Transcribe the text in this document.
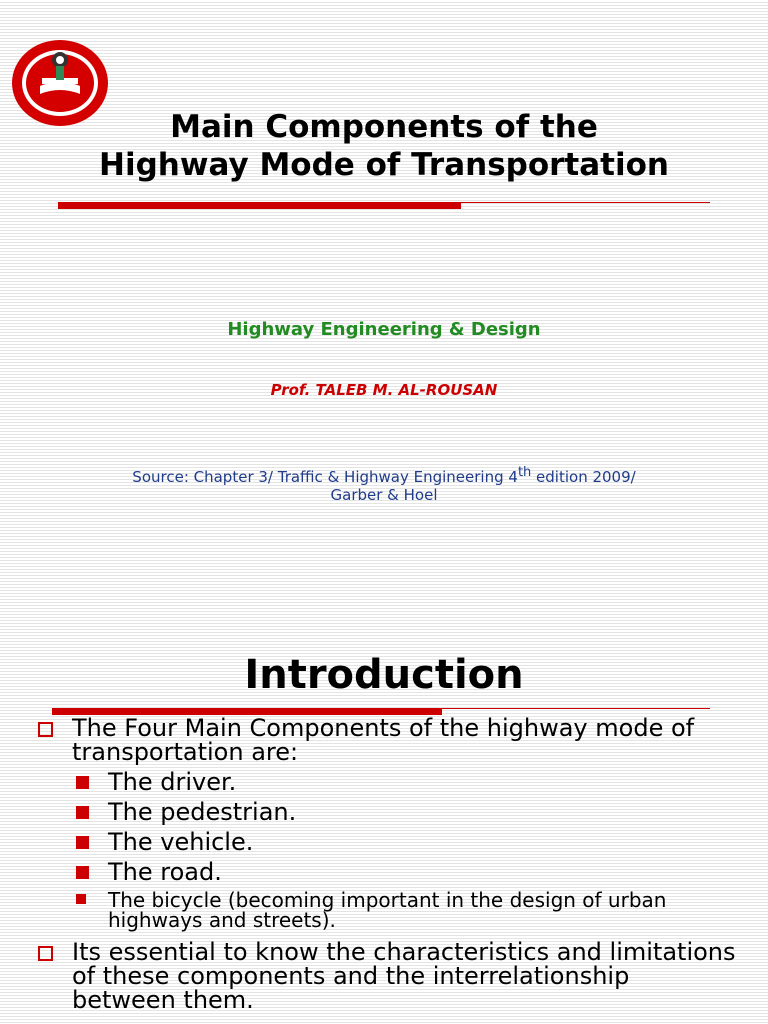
Main Components of the
Highway Mode of Transportation
Highway Engineering & Design
Prof. TALEB M. AL-ROUSAN
Source: Chapter 3/ Traffic & Highway Engineering 4th edition 2009/
Garber & Hoel
Introduction
The Four Main Components of the highway mode of transportation are:
The driver.
The pedestrian.
The vehicle.
The road.
The bicycle (becoming important in the design of urban highways and streets).
Its essential to know the characteristics and limitations of these components and the interrelationship between them.
